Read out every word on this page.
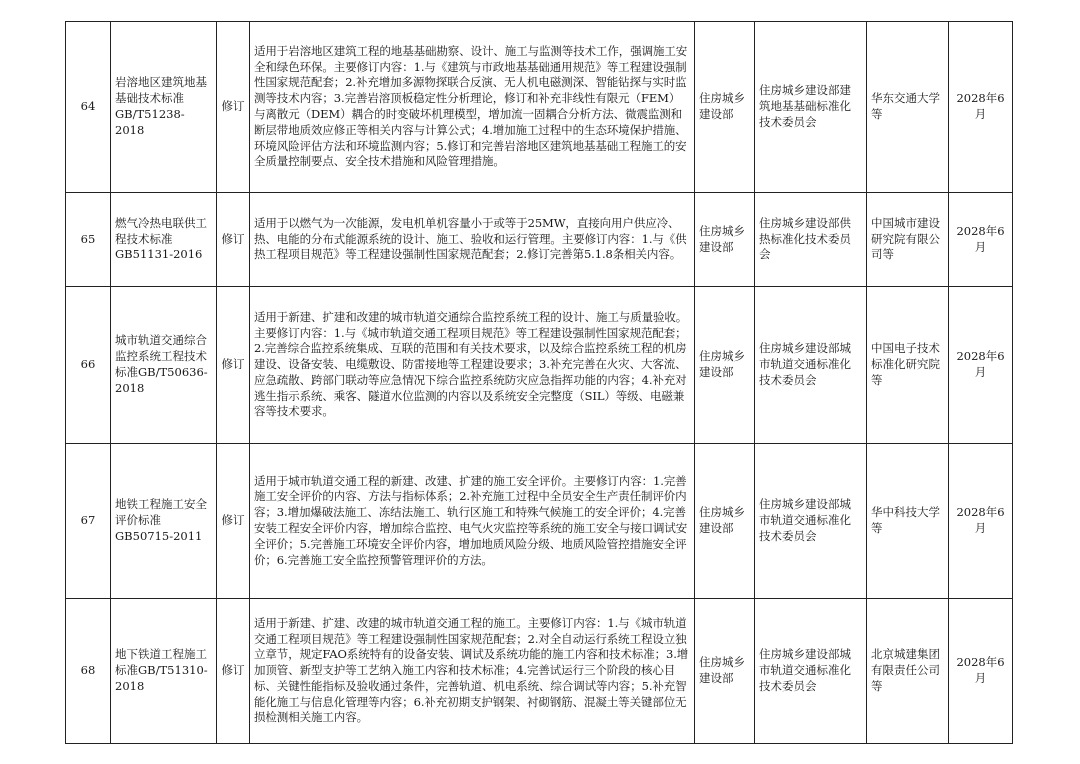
64	岩溶地区建筑地基基础技术标准GB/T51238-2018	修订	适用于岩溶地区建筑工程的地基基础勘察、设计、施工与监测等技术工作，强调施工安全和绿色环保。主要修订内容：1.与《建筑与市政地基基础通用规范》等工程建设强制性国家规范配套；2.补充增加多源物探联合反演、无人机电磁测深、智能钻探与实时监测等技术内容；3.完善岩溶顶板稳定性分析理论，修订和补充非线性有限元（FEM）与离散元（DEM）耦合的时变破坏机理模型，增加流一固耦合分析方法、微震监测和断层带地质效应修正等相关内容与计算公式；4.增加施工过程中的生态环境保护措施、环境风险评估方法和环境监测内容；5.修订和完善岩溶地区建筑地基基础工程施工的安全质量控制要点、安全技术措施和风险管理措施。	住房城乡建设部	住房城乡建设部建筑地基基础标准化技术委员会	华东交通大学等	2028年6月
65	燃气冷热电联供工程技术标准GB51131-2016	修订	适用于以燃气为一次能源，发电机单机容量小于或等于25MW，直接向用户供应冷、热、电能的分布式能源系统的设计、施工、验收和运行管理。主要修订内容：1.与《供热工程项目规范》等工程建设强制性国家规范配套；2.修订完善第5.1.8条相关内容。	住房城乡建设部	住房城乡建设部供热标准化技术委员会	中国城市建设研究院有限公司等	2028年6月
66	城市轨道交通综合监控系统工程技术标准GB/T50636-2018	修订	适用于新建、扩建和改建的城市轨道交通综合监控系统工程的设计、施工与质量验收。主要修订内容：1.与《城市轨道交通工程项目规范》等工程建设强制性国家规范配套；2.完善综合监控系统集成、互联的范围和有关技术要求，以及综合监控系统工程的机房建设、设备安装、电缆敷设、防雷接地等工程建设要求；3.补充完善在火灾、大客流、应急疏散、跨部门联动等应急情况下综合监控系统防灾应急指挥功能的内容；4.补充对逃生指示系统、乘客、隧道水位监测的内容以及系统安全完整度（SIL）等级、电磁兼容等技术要求。	住房城乡建设部	住房城乡建设部城市轨道交通标准化技术委员会	中国电子技术标准化研究院等	2028年6月
67	地铁工程施工安全评价标准GB50715-2011	修订	适用于城市轨道交通工程的新建、改建、扩建的施工安全评价。主要修订内容：1.完善施工安全评价的内容、方法与指标体系；2.补充施工过程中全员安全生产责任制评价内容；3.增加爆破法施工、冻结法施工、轨行区施工和特殊气候施工的安全评价；4.完善安装工程安全评价内容，增加综合监控、电气火灾监控等系统的施工安全与接口调试安全评价；5.完善施工环境安全评价内容，增加地质风险分级、地质风险管控措施安全评价；6.完善施工安全监控预警管理评价的方法。	住房城乡建设部	住房城乡建设部城市轨道交通标准化技术委员会	华中科技大学等	2028年6月
68	地下铁道工程施工标准GB/T51310-2018	修订	适用于新建、扩建、改建的城市轨道交通工程的施工。主要修订内容：1.与《城市轨道交通工程项目规范》等工程建设强制性国家规范配套；2.对全自动运行系统工程设立独立章节，规定FAO系统特有的设备安装、调试及系统功能的施工内容和技术标准；3.增加顶管、新型支护等工艺纳入施工内容和技术标准；4.完善试运行三个阶段的核心目标、关键性能指标及验收通过条件，完善轨道、机电系统、综合调试等内容；5.补充智能化施工与信息化管理等内容；6.补充初期支护钢架、衬砌钢筋、混凝土等关键部位无损检测相关施工内容。	住房城乡建设部	住房城乡建设部城市轨道交通标准化技术委员会	北京城建集团有限责任公司等	2028年6月
